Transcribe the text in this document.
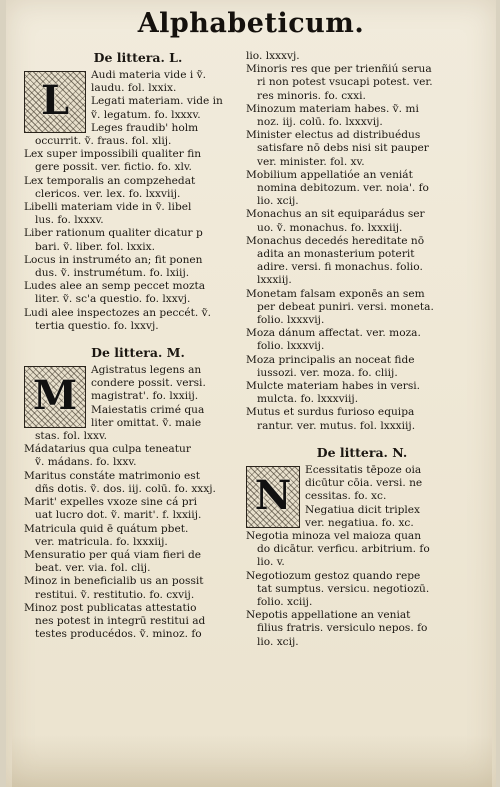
Alphabeticum.
De littera. L.
L

Audi materia vide i ṽ.
laudu. fol. lxxix.

Legati materiam. vide in
ṽ. legatum. fo. lxxxv.

Leges fraudib' holm
occurrit. ṽ. fraus. fol. xlij.

Lex super impossibili qualiter fin
gere possit. ver. fictio. fo. xlv.

Lex temporalis an compzehedat
clericos. ver. lex. fo. lxxviij.

Libelli materiam vide in ṽ. libel
lus. fo. lxxxv.

Liber rationum qualiter dicatur p
bari. ṽ. liber. fol. lxxix.

Locus in instruméto an; fit ponen
dus. ṽ. instrumétum. fo. lxiij.

Ludes alee an semp peccet mozta
liter. ṽ. sc'a questio. fo. lxxvj.

Ludi alee inspectozes an peccét. ṽ.
tertia questio. fo. lxxvj.

De littera. M.
M

Agistratus legens an
condere possit. versi.
magistrat'. fo. lxxiij.

Maiestatis crimé qua
liter omittat. ṽ. maie
stas. fol. lxxv.

Mádatarius qua culpa teneatur
ṽ. mádans. fo. lxxv.

Maritus constáte matrimonio est
dñs dotis. ṽ. dos. iij. colū. fo. xxxj.

Marit' expelles vxoze sine cá pri
uat lucro dot. ṽ. marit'. f. lxxiij.

Matricula quid ē quátum pbet.
ver. matricula. fo. lxxxiij.

Mensuratio per quá viam fieri de
beat. ver. via. fol. clij.

Minoz in beneficialib us an possit
restitui. ṽ. restitutio. fo. cxvij.

Minoz post publicatas attestatio
nes potest in integrū restitui ad
testes producédos. ṽ. minoz. fo

lio. lxxxvj.

Minoris res que per trienñiú serua
ri non potest vsucapi potest. ver.
res minoris. fo. cxxi.

Minozum materiam habes. ṽ. mi
noz. iij. colū. fo. lxxxvij.

Minister electus ad distribuédus
satisfare nō debs nisi sit pauper
ver. minister. fol. xv.

Mobilium appellatióe an veniát
nomina debitozum. ver. noia'. fo
lio. xcij.

Monachus an sit equiparádus ser
uo. ṽ. monachus. fo. lxxxiij.

Monachus decedés hereditate nō
adita an monasterium poterit
adire. versi. fi monachus. folio.
lxxxiij.

Monetam falsam exponēs an sem
per debeat puniri. versi. moneta.
folio. lxxxvij.

Moza dánum affectat. ver. moza.
folio. lxxxvij.

Moza principalis an noceat fide
iussozi. ver. moza. fo. cliij.

Mulcte materiam habes in versi.
mulcta. fo. lxxxviij.

Mutus et surdus furioso equipa
rantur. ver. mutus. fol. lxxxiij.

De littera. N.
N

Ecessitatis tēpoze oia
dicūtur cōia. versi. ne
cessitas. fo. xc.

Negatiua dicit triplex
ver. negatiua. fo. xc.

Negotia minoza vel maioza quan
do dicātur. verficu. arbitrium. fo
lio. v.

Negotiozum gestoz quando repe
tat sumptus. versicu. negotiozū.
folio. xciij.

Nepotis appellatione an veniat
filius fratris. versiculo nepos. fo
lio. xcij.
